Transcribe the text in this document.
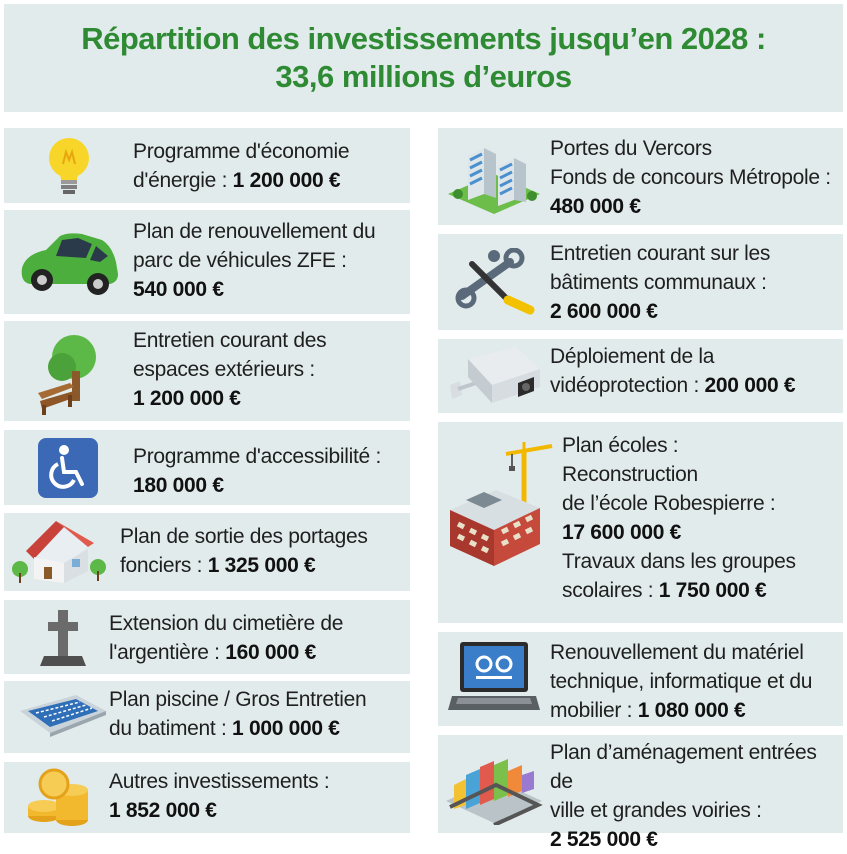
Répartition des investissements jusqu’en 2028 :
33,6 millions d’euros
Programme d'économie
d'énergie : 1 200 000 €
Plan de renouvellement du
parc de véhicules ZFE :
540 000 €
Entretien courant des
espaces extérieurs :
1 200 000 €
Programme d'accessibilité :
180 000 €
Plan de sortie des portages
fonciers : 1 325 000 €
Extension du cimetière de
l'argentière : 160 000 €
Plan piscine / Gros Entretien
du batiment : 1 000 000 €
Autres investissements :
1 852 000 €
Portes du Vercors
Fonds de concours Métropole :
480 000 €
Entretien courant sur les
bâtiments communaux :
2 600 000 €
Déploiement de la
vidéoprotection : 200 000 €
Plan écoles :
Reconstruction
de l’école Robespierre :
17 600 000 €
Travaux dans les groupes
scolaires : 1 750 000 €
Renouvellement du matériel
technique, informatique et du
mobilier : 1 080 000 €
Plan d’aménagement entrées de
ville et grandes voiries :
2 525 000 €
